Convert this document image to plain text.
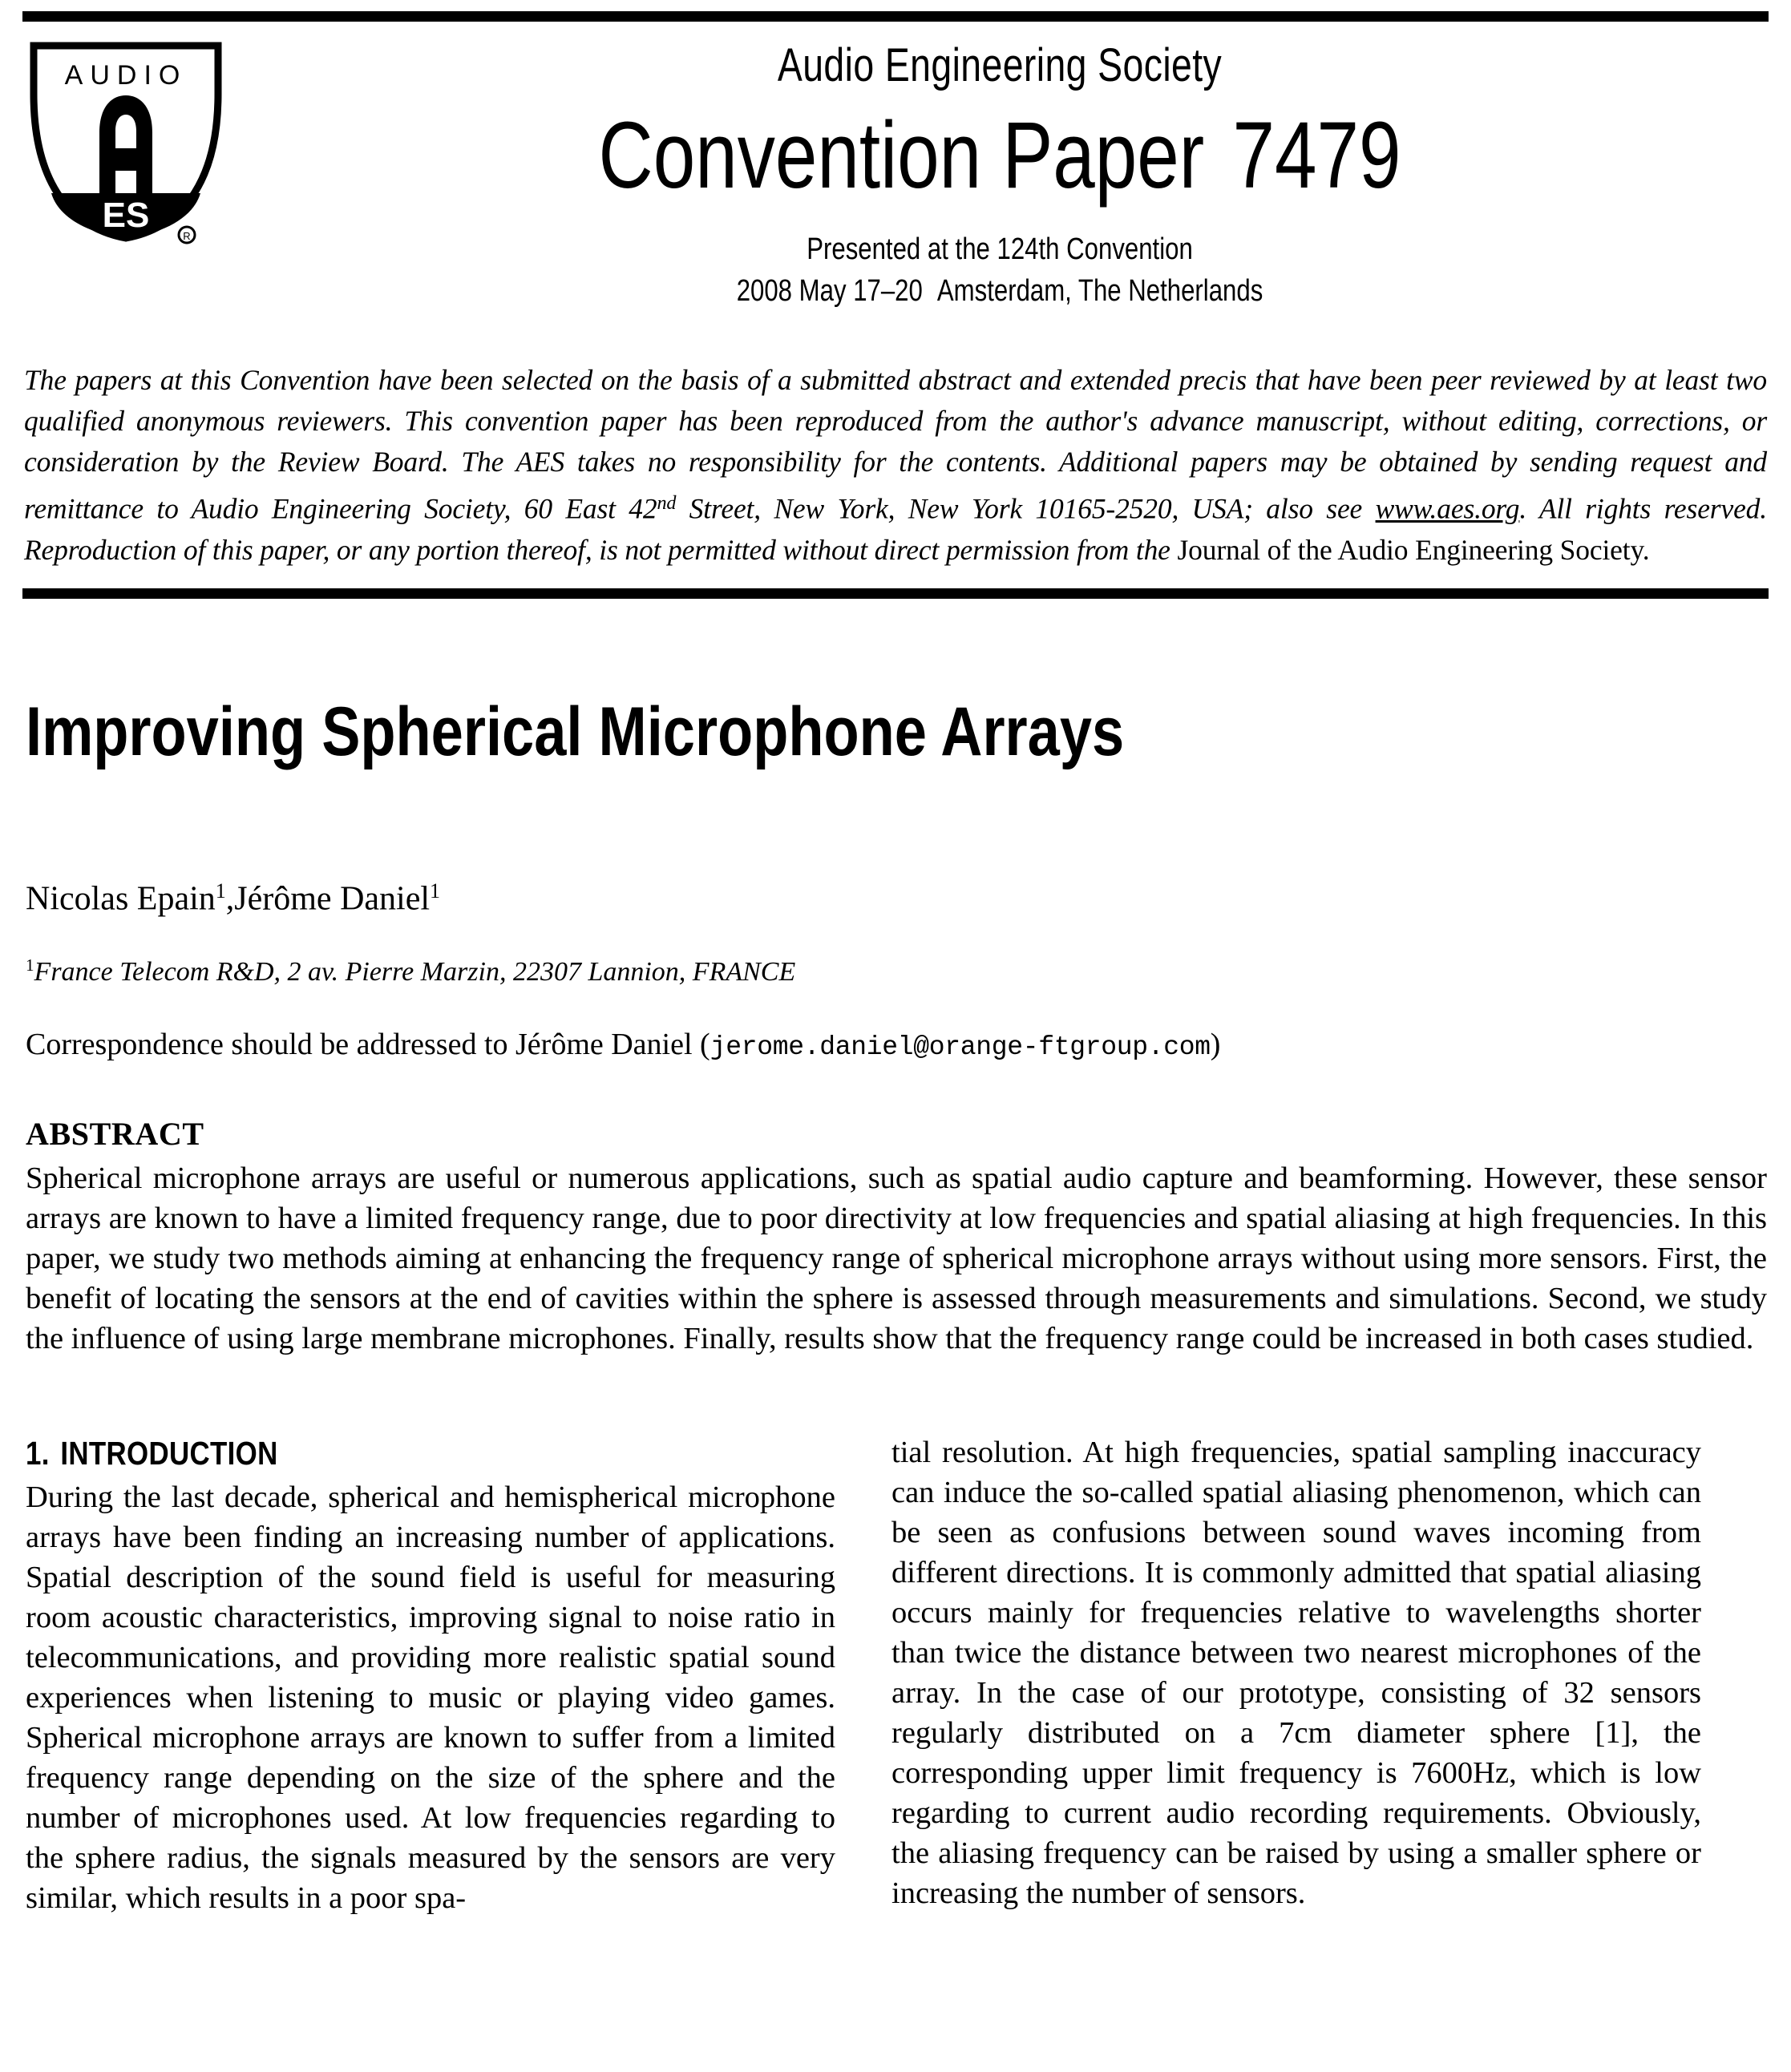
ES
AUDIO
R
Audio Engineering Society
Convention Paper 7479
Presented at the 124th Convention
2008 May 17–20 Amsterdam, The Netherlands
The papers at this Convention have been selected on the basis of a submitted abstract and extended precis that have been peer reviewed by at least two qualified anonymous reviewers. This convention paper has been reproduced from the author's advance manuscript, without editing, corrections, or consideration by the Review Board. The AES takes no responsibility for the contents. Additional papers may be obtained by sending request and remittance to Audio Engineering Society, 60 East 42nd Street, New York, New York 10165-2520, USA; also see www.aes.org. All rights reserved. Reproduction of this paper, or any portion thereof, is not permitted without direct permission from the Journal of the Audio Engineering Society.
Improving Spherical Microphone Arrays
Nicolas Epain$^1$,Jérôme Daniel$^1$
$^1$France Telecom R&D, 2 av. Pierre Marzin, 22307 Lannion, FRANCE
Correspondence should be addressed to Jérôme Daniel (jerome.daniel@orange-ftgroup.com)
ABSTRACT
Spherical microphone arrays are useful or numerous applications, such as spatial audio capture and beamforming. However, these sensor arrays are known to have a limited frequency range, due to poor directivity at low frequencies and spatial aliasing at high frequencies. In this paper, we study two methods aiming at enhancing the frequency range of spherical microphone arrays without using more sensors. First, the benefit of locating the sensors at the end of cavities within the sphere is assessed through measurements and simulations. Second, we study the influence of using large membrane microphones. Finally, results show that the frequency range could be increased in both cases studied.
1. INTRODUCTION
During the last decade, spherical and hemispherical microphone arrays have been finding an increasing number of applications. Spatial description of the sound field is useful for measuring room acoustic characteristics, improving signal to noise ratio in telecommunications, and providing more realistic spatial sound experiences when listening to music or playing video games. Spherical microphone arrays are known to suffer from a limited frequency range depending on the size of the sphere and the number of microphones used. At low frequencies regarding to the sphere radius, the signals measured by the sensors are very similar, which results in a poor spa-
tial resolution. At high frequencies, spatial sampling inaccuracy can induce the so-called spatial aliasing phenomenon, which can be seen as confusions between sound waves incoming from different directions. It is commonly admitted that spatial aliasing occurs mainly for frequencies relative to wavelengths shorter than twice the distance between two nearest microphones of the array. In the case of our prototype, consisting of 32 sensors regularly distributed on a 7cm diameter sphere [1], the corresponding upper limit frequency is 7600Hz, which is low regarding to current audio recording requirements. Obviously, the aliasing frequency can be raised by using a smaller sphere or increasing the number of sensors.
